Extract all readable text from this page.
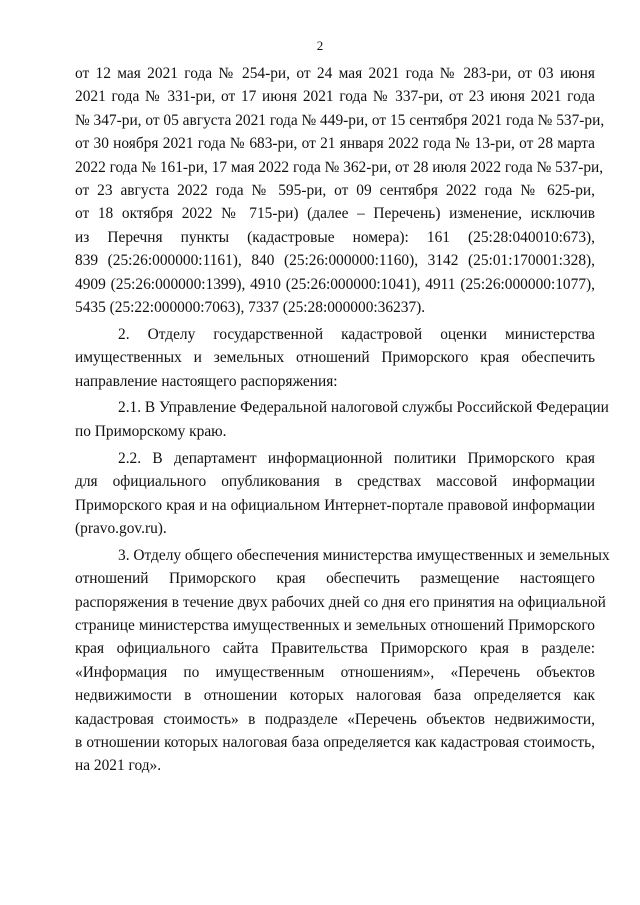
2
от 12 мая 2021 года № 254-ри, от 24 мая 2021 года № 283-ри, от 03 июня
2021 года № 331-ри, от 17 июня 2021 года № 337-ри, от 23 июня 2021 года
№ 347-ри, от 05 августа 2021 года № 449-ри, от 15 сентября 2021 года № 537-ри,
от 30 ноября 2021 года № 683-ри, от 21 января 2022 года № 13-ри, от 28 марта
2022 года № 161-ри, 17 мая 2022 года № 362-ри, от 28 июля 2022 года № 537-ри,
от 23 августа 2022 года № 595-ри, от 09 сентября 2022 года № 625-ри,
от 18 октября 2022 № 715-ри) (далее – Перечень) изменение, исключив
из Перечня пункты (кадастровые номера): 161 (25:28:040010:673),
839 (25:26:000000:1161), 840 (25:26:000000:1160), 3142 (25:01:170001:328),
4909 (25:26:000000:1399), 4910 (25:26:000000:1041), 4911 (25:26:000000:1077),
5435 (25:22:000000:7063), 7337 (25:28:000000:36237).
2. Отделу государственной кадастровой оценки министерства
имущественных и земельных отношений Приморского края обеспечить
направление настоящего распоряжения:
2.1. В Управление Федеральной налоговой службы Российской Федерации
по Приморскому краю.
2.2. В департамент информационной политики Приморского края
для официального опубликования в средствах массовой информации
Приморского края и на официальном Интернет-портале правовой информации
(pravo.gov.ru).
3. Отделу общего обеспечения министерства имущественных и земельных
отношений Приморского края обеспечить размещение настоящего
распоряжения в течение двух рабочих дней со дня его принятия на официальной
странице министерства имущественных и земельных отношений Приморского
края официального сайта Правительства Приморского края в разделе:
«Информация по имущественным отношениям», «Перечень объектов
недвижимости в отношении которых налоговая база определяется как
кадастровая стоимость» в подразделе «Перечень объектов недвижимости,
в отношении которых налоговая база определяется как кадастровая стоимость,
на 2021 год».
